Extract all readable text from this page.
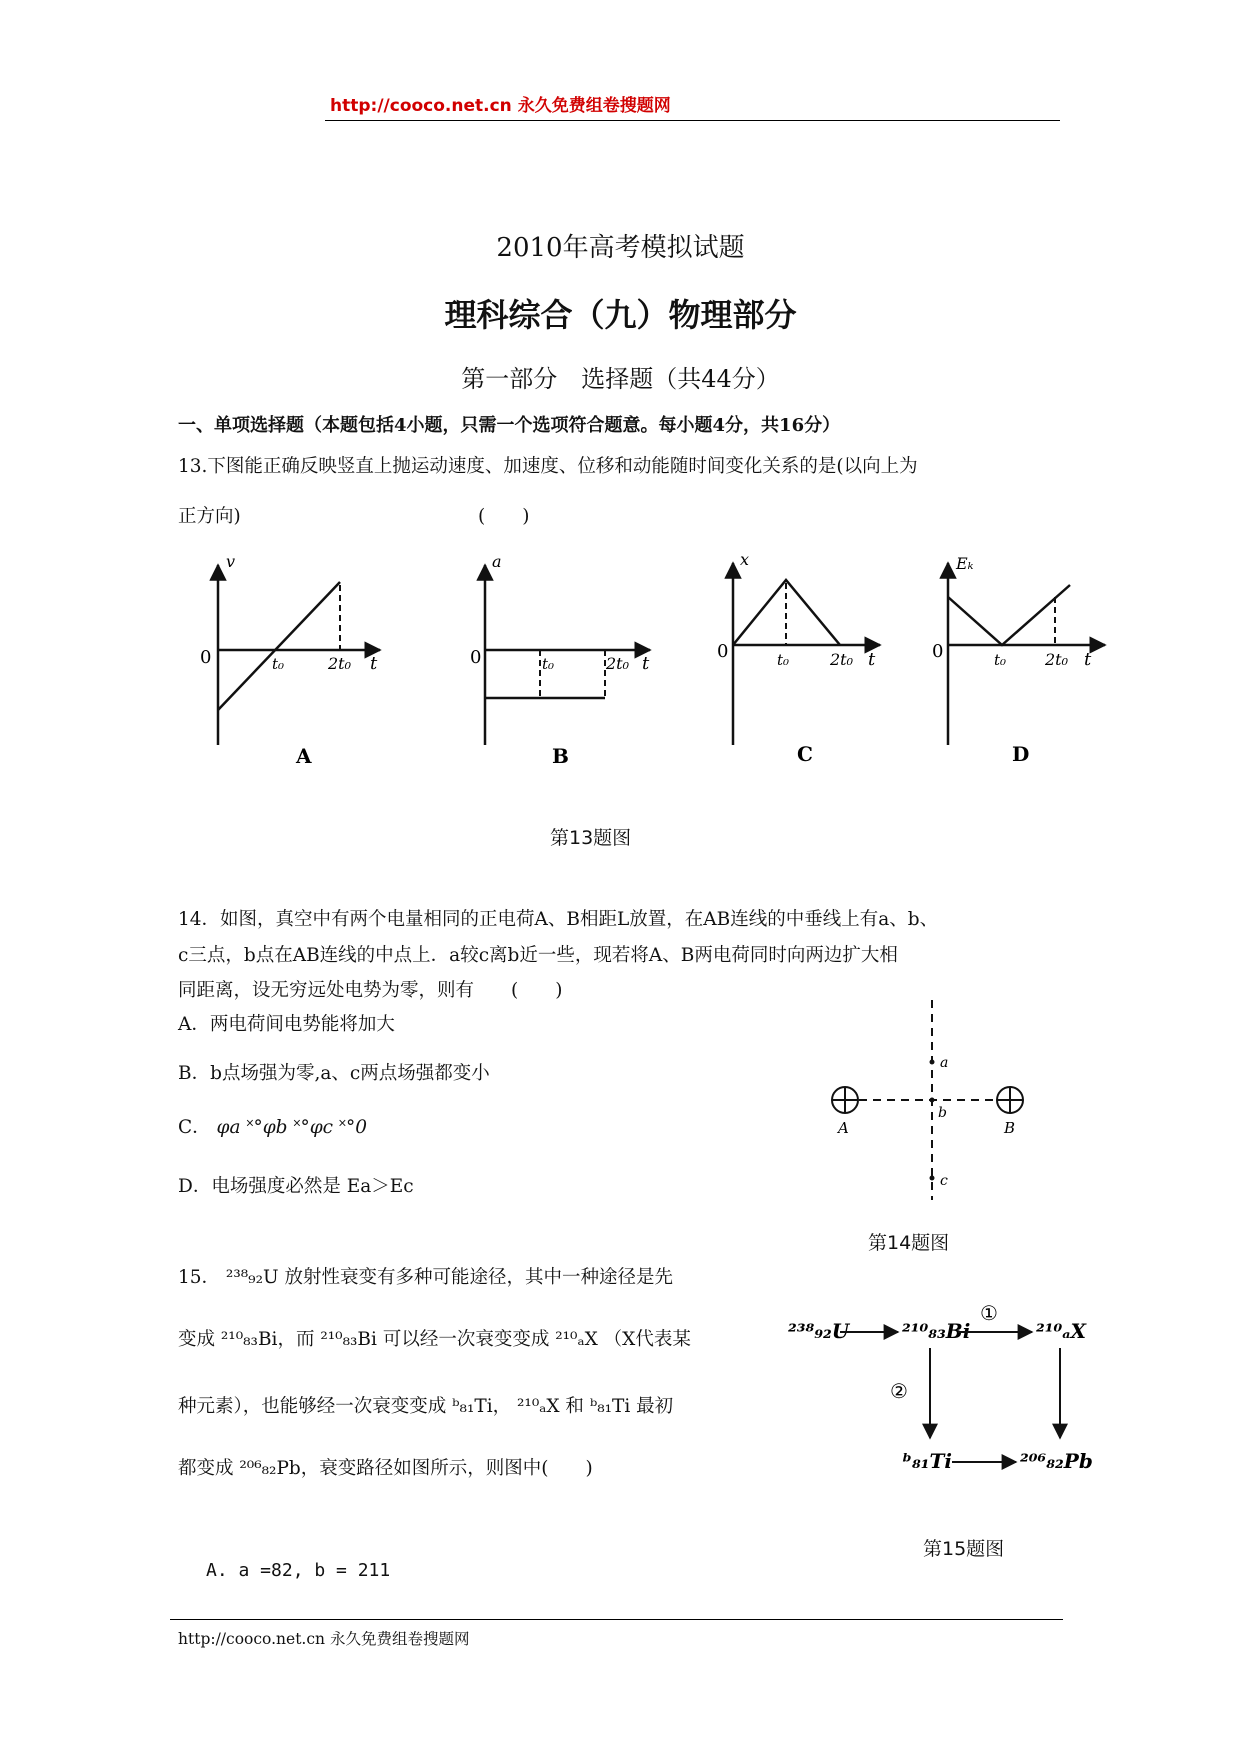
http://cooco.net.cn 永久免费组卷搜题网
2010年高考模拟试题
理科综合（九）物理部分
第一部分　选择题（共44分）
一、单项选择题（本题包括4小题，只需一个选项符合题意。每小题4分，共16分）
13.下图能正确反映竖直上抛运动速度、加速度、位移和动能随时间变化关系的是(以向上为
正方向)	(　　)
v
0	t₀	2t₀ t
A
a
0	t₀	2t₀ t
B
x
0	t₀	2t₀ t
C
Eₖ
0	t₀ 2t₀ t
D
第13题图
14．如图，真空中有两个电量相同的正电荷A、B相距L放置，在AB连线的中垂线上有a、b、
c三点，b点在AB连线的中点上．a较c离b近一些，现若将A、B两电荷同时向两边扩大相
同距离，设无穷远处电势为零，则有　　(　　)
A．两电荷间电势能将加大
B．b点场强为零,a、c两点场强都变小
C． φa ˟°φb ˟°φc ˟°0
D．电场强度必然是 Ea＞Ec
a
b
c
A	B
第14题图
15． ²³⁸₉₂U 放射性衰变有多种可能途径，其中一种途径是先
变成 ²¹⁰₈₃Bi，而 ²¹⁰₈₃Bi 可以经一次衰变变成 ²¹⁰ₐX （X代表某
种元素），也能够经一次衰变变成 ᵇ₈₁Ti， ²¹⁰ₐX 和 ᵇ₈₁Ti 最初
都变成 ²⁰⁶₈₂Pb，衰变路径如图所示，则图中(　　)
A. a =82, b = 211
²³⁸₉₂U	²¹⁰₈₃Bi
①
²¹⁰ₐX
②
ᵇ₈₁Ti	²⁰⁶₈₂Pb
第15题图
http://cooco.net.cn 永久免费组卷搜题网
